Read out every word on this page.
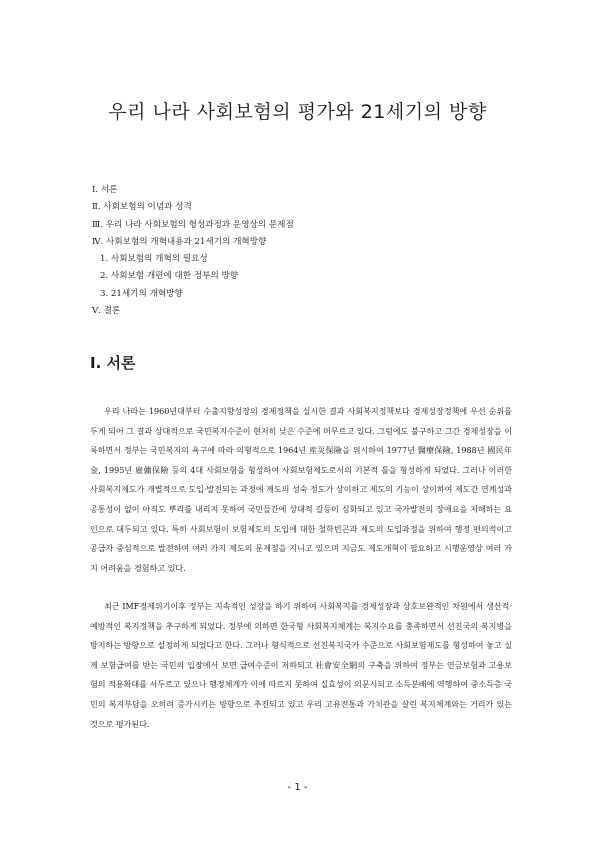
우리 나라 사회보험의 평가와 21세기의 방향
Ⅰ. 서론
Ⅱ. 사회보험의 이념과 성격
Ⅲ. 우리 나라 사회보험의 형성과정과 운영상의 문제점
Ⅳ. 사회보험의 개혁내용과 21세기의 개혁방향
1. 사회보험의 개혁의 필요성
2. 사회보험 개편에 대한 정부의 방향
3. 21세기의 개혁방향
Ⅴ. 결론
Ⅰ. 서론

우리 나라는 1960년대부터 수출지향성장의 경제정책을 실시한 결과 사회복지정책보다 경제성장정책에 우선 순위를 두게 되어 그 결과 상대적으로 국민복지수준이 현저히 낮은 수준에 머무르고 있다. 그럼에도 불구하고 그간 경제성장을 이룩하면서 정부는 국민복지의 욕구에 따라 의형적으로 1964년 産災保險을 위시하여 1977년 醫療保險, 1988년 國民年金, 1995년 雇傭保險 등의 4대 사회보험을 형성하여 사회보험제도로서의 기본적 틀을 형성하게 되었다. 그러나 이러한 사회복지제도가 개별적으로 도입·발전되는 과정에 제도의 성숙 정도가 상이하고 제도의 기능이 상이하여 제도간 연계성과 공통성이 없이 아직도 뿌리를 내리지 못하여 국민들간에 상대적 갈등이 심화되고 있고 국가발전의 장애요을 저해하는 요인으로 대두되고 있다. 특히 사회보험이 보험제도의 도입에 대한 철학빈곤과 제도의 도입과정을 위하여 행정 편의적이고 공급자 중심적으로 발전하여 여러 가지 제도의 문제점을 지니고 있으며 지금도 제도개혁이 필요하고 시행운영상 여러 가지 어려움을 경험하고 있다.

최근 IMF경제위기이후 정부는 지속적인 성장을 하기 위하여 사회복지를 경제성장과 상호보완적인 차원에서 생산적·예방적인 복지정책을 추구하게 되었다. 정부에 의하면 한국형 사회복지체계는 복지수요를 충족하면서 선진국의 복지병을 방지하는 방향으로 설정하게 되었다고 한다. 그러나 형식적으로 선진복지국가 수준으로 사회보험제도를 형성하여 놓고 실제 보험급여를 받는 국민의 입장에서 보면 급여수준이 저하되고 社會安全網의 구축을 위하여 정부는 연금보험과 고용보험의 적용확대를 서두르고 있으나 행정체계가 이에 따르지 못하여 실효성이 의문시되고 소득분배에 역행하여 중소득층 국민의 복지부담을 오히려 증가시키는 방향으로 추진되고 있고 우리 고유전통과 가치관을 살린 복지체계와는 거리가 있는 것으로 평가된다.

- 1 -
